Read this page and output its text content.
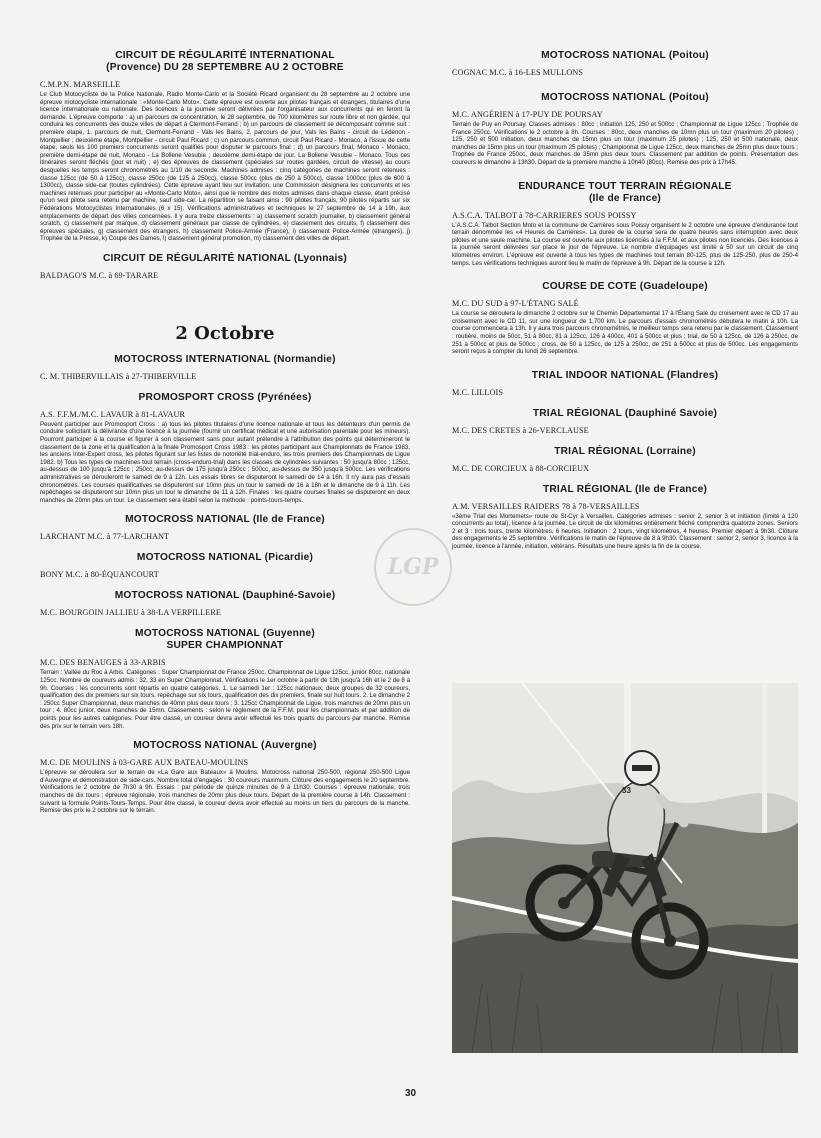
CIRCUIT DE RÉGULARITÉ INTERNATIONAL

(Provence) DU 28 SEPTEMBRE AU 2 OCTOBRE

C.M.P.N. MARSEILLE

Le Club Motocycliste de la Police Nationale, Radio Monte-Carlo et la Société Ricard organisent du 28 septembre au 2 octobre une épreuve motocycliste internationale : «Monte-Carlo Moto». Cette épreuve est ouverte aux pilotes français et étrangers, titulaires d'une licence internationale ou nationale. Des licences à la journée seront délivrées par l'organisateur aux concurrents qui en feront la demande. L'épreuve comporte : a) un parcours de concentration, le 28 septembre, de 700 kilomètres sur route libre et non gardée, qui conduira les concurrents des douze villes de départ à Clermont-Ferrand ; b) un parcours de classement se décomposant comme suit : première étape, 1. parcours de nuit, Clermont-Ferrand - Vals les Bains, 2. parcours de jour, Vals les Bains - circuit de Lédenon - Montpellier ; deuxième étape, Montpellier - circuit Paul Ricard ; c) un parcours commun, circuit Paul Ricard - Monaco, à l'issue de cette étape, seuls les 100 premiers concurrents seront qualifiés pour disputer le parcours final ; d) un parcours final, Monaco - Monaco, première demi-étape de nuit, Monaco - La Bollene Vesubie ; deuxième demi-étape de jour, La Bollene Vesubie - Monaco. Tous ces itinéraires seront fléchés (jour et nuit) ; e) des épreuves de classement (spéciales sur routes gardées, circuit de vitesse) au cours desquelles les temps seront chronométrés au 1/10 de seconde. Machines admises : cinq catégories de machines seront retenues : classe 125cc (de 50 à 125cc), classe 250cc (de 125 à 250cc), classe 500cc (plus de 250 à 500cc), classe 1000cc (plus de 600 à 1300cc), classe side-car (toutes cylindrées). Cette épreuve ayant lieu sur invitation, une Commission désignera les concurrents et les machines retenues pour participer au «Monte-Carlo Moto», ainsi que le nombre des motos admises dans chaque classe, étant précisé qu'un seul pilote sera retenu par machine, sauf side-car. La répartition se faisant ainsi : 90 pilotes français, 90 pilotes répartis sur six Fédérations Motocyclistes Internationales (6 x 15). Vérifications administratives et techniques le 27 septembre de 14 à 19h, aux emplacements de départ des villes concernées. Il y aura treize classements : a) classement scratch journalier, b) classement général scratch, c) classement par marque, d) classement généraux par classe de cylindrées, e) classement des circuits, f) classement des épreuves spéciales, g) classement des étrangers, h) classement Police-Armée (France), i) classement Police-Armée (étrangers), j) Trophée de la Presse, k) Coupe des Dames, l) classement général promotion, m) classement des villes de départ.

CIRCUIT DE RÉGULARITÉ NATIONAL (Lyonnais)

BALDAGO'S M.C. à 69-TARARE

2 Octobre

MOTOCROSS INTERNATIONAL (Normandie)

C. M. THIBERVILLAIS à 27-THIBERVILLE

PROMOSPORT CROSS (Pyrénées)

A.S. F.F.M./M.C. LAVAUR à 81-LAVAUR

Peuvent participer aux Promosport Cross : a) tous les pilotes titulaires d'une licence nationale et tous les détenteurs d'un permis de conduire sollicitant la délivrance d'une licence à la journée (fournir un certificat médical et une autorisation parentale pour les mineurs). Pourront participer à la course et figurer à son classement sans pour autant prétendre à l'attribution des points qui détermineront le classement de la zone et la qualification à la finale Promosport Cross 1983 : les pilotes participant aux Championnats de France 1983, les anciens Inter-Expert cross, les pilotes figurant sur les listes de notoriété trial-enduro, les trois premiers des Championnats de Ligue 1982. b) Tous les types de machines tout terrain (cross-enduro-trial) dans les classes de cylindrées suivantes : 50 jusqu'à 80cc ; 125cc, au-dessus de 100 jusqu'à 125cc ; 250cc, au-dessus de 175 jusqu'à 250cc ; 500cc, au-dessus de 350 jusqu'à 500cc. Les vérifications administratives se dérouleront le samedi de 9 à 12h. Les essais libres se disputeront le samedi de 14 à 16h. Il n'y aura pas d'essais chronométrés. Les courses qualificatives se disputeront sur 10mn plus un tour le samedi de 16 à 18h et le dimanche de 9 à 11h. Les repêchages se disputeront sur 10mn plus un tour le dimanche de 11 à 12h. Finales : les quatre courses finales se disputeront en deux manches de 20mn plus un tour. Le classement sera établi selon la méthode : points-tours-temps.

MOTOCROSS NATIONAL (Ile de France)

LARCHANT M.C. à 77-LARCHANT

MOTOCROSS NATIONAL (Picardie)

BONY M.C. à 80-ÉQUANCOURT

MOTOCROSS NATIONAL (Dauphiné-Savoie)

M.C. BOURGOIN JALLIEU à 38-LA VERPILLERE

MOTOCROSS NATIONAL (Guyenne)

SUPER CHAMPIONNAT

M.C. DES BENAUGES à 33-ARBIS

Terrain : Vallée du Roc à Arbis. Catégories : Super Championnat de France 250cc, Championnat de Ligue 125cc, junior 80cc, nationale 125cc. Nombre de coureurs admis : 32, 33 en Super Championnat. Vérifications le 1er octobre à partir de 13h jusqu'à 16h et le 2 de 8 à 9h. Courses : les concurrents sont répartis en quatre catégories. 1. Le samedi 1er : 125cc nationaux, deux groupes de 32 coureurs, qualification des dix premiers sur six tours, repêchage sur six tours, qualification des dix premiers, finale sur huit tours. 2. Le dimanche 2 : 250cc Super Championnat, deux manches de 40mn plus deux tours ; 3. 125cc Championnat de Ligue, trois manches de 20mn plus un tour ; 4. 80cc junior, deux manches de 15mn. Classements : selon le règlement de la F.F.M. pour les championnats et par addition de points pour les autres catégories. Pour être classé, un coureur devra avoir effectué les trois quarts du parcours par manche. Remise des prix sur le terrain vers 18h.

MOTOCROSS NATIONAL (Auvergne)

M.C. DE MOULINS à 03-GARE AUX BATEAU-MOULINS

L'épreuve se déroulera sur le terrain de «La Gare aux Bateaux» à Moulins. Motocross national 250-500, régional 250-500 Ligue d'Auvergne et démonstration de side-cars. Nombre total d'engagés : 30 coureurs maximum. Clôture des engagements le 20 septembre. Vérifications le 2 octobre de 7h30 à 9h. Essais : par période de quinze minutes de 9 à 11h30. Courses : épreuve nationale, trois manches de dix tours ; épreuve régionale, trois manches de 20mn plus deux tours. Départ de la première course à 14h. Classement : suivant la formule Points-Tours-Temps. Pour être classé, le coureur devra avoir effectué au moins un tiers du parcours de la manche. Remise des prix le 2 octobre sur le terrain.

MOTOCROSS NATIONAL (Poitou)

COGNAC M.C. à 16-LES MULLONS

MOTOCROSS NATIONAL (Poitou)

M.C. ANGÉRIEN à 17-PUY DE POURSAY

Terrain de Puy en Poursay. Classes admises : 80cc ; initiation 125, 250 et 500cc ; Championnat de Ligue 125cc ; Trophée de France 250cc. Vérifications le 2 octobre à 8h. Courses : 80cc, deux manches de 10mn plus un tour (maximum 20 pilotes) ; 125, 250 et 500 initiation, deux manches de 15mn plus un tour (maximum 25 pilotes) ; 125, 250 et 500 nationale, deux manches de 15mn plus un tour (maximum 25 pilotes) ; Championnat de Ligue 125cc, deux manches de 25mn plus deux tours ; Trophée de France 250cc, deux manches de 35mn plus deux tours. Classement par addition de points. Présentation des coureurs le dimanche à 13h30. Départ de la première manche à 10h40 (80cc). Remise des prix à 17h45.

ENDURANCE TOUT TERRAIN RÉGIONALE

(Ile de France)

A.S.C.A. TALBOT à 78-CARRIERES SOUS POISSY

L'A.S.C.A. Talbot Section Moto et la commune de Carrières sous Poissy organisent le 2 octobre une épreuve d'endurance tout terrain dénommée les «4 Heures de Carrières». La durée de la course sera de quatre heures sans interruption avec deux pilotes et une seule machine. La course est ouverte aux pilotes licenciés à la F.F.M. et aux pilotes non licenciés. Des licences à la journée seront délivrées sur place le jour de l'épreuve. Le nombre d'équipages est limité à 50 sur un circuit de cinq kilomètres environ. L'épreuve est ouverte à tous les types de machines tout terrain 80-125, plus de 125-250, plus de 250-4 temps. Les vérifications techniques auront lieu le matin de l'épreuve à 9h. Départ de la course à 12h.

COURSE DE COTE (Guadeloupe)

M.C. DU SUD à 97-L'ÉTANG SALÉ

La course se déroulera le dimanche 2 octobre sur le Chemin Départemental 17 à l'Étang Salé du croisement avec le CD 17 au croisement avec le CD 11, sur une longueur de 1,700 km. Le parcours d'essais chronométrés débutera le matin à 10h. La course commencera à 13h. Il y aura trois parcours chronométrés, le meilleur temps sera retenu par le classement. Classement : routière, moins de 50cc, 51 à 80cc, 81 à 125cc, 126 à 400cc, 401 à 500cc et plus ; trial, de 50 à 125cc, de 126 à 250cc, de 251 à 500cc et plus de 500cc ; cross, de 50 à 125cc, de 125 à 250cc, de 251 à 500cc et plus de 500cc. Les engagements seront reçus à compter du lundi 26 septembre.

TRIAL INDOOR NATIONAL (Flandres)

M.C. LILLOIS

TRIAL RÉGIONAL (Dauphiné Savoie)

M.C. DES CRETES à 26-VERCLAUSE

TRIAL RÉGIONAL (Lorraine)

M.C. DE CORCIEUX à 88-CORCIEUX

TRIAL RÉGIONAL (Ile de France)

A.M. VERSAILLES RAIDERS 78 à 78-VERSAILLES

«3ème Trial des Mortemets» route de St-Cyr à Versailles. Catégories admises : senior 2, senior 3 et initiation (limité à 120 concurrents au total), licence à la journée. Le circuit de dix kilomètres entièrement fléché comprendra quatorze zones. Seniors 2 et 3 : trois tours, trente kilomètres, 6 heures. Initiation : 2 tours, vingt kilomètres, 4 heures. Premier départ à 9h30. Clôture des engagements le 25 septembre. Vérifications le matin de l'épreuve de 8 à 9h30. Classement : senior 2, senior 3, licence à la journée, licence à l'année, initiation, vétérans. Résultats une heure après la fin de la course.

33
LGP
30
